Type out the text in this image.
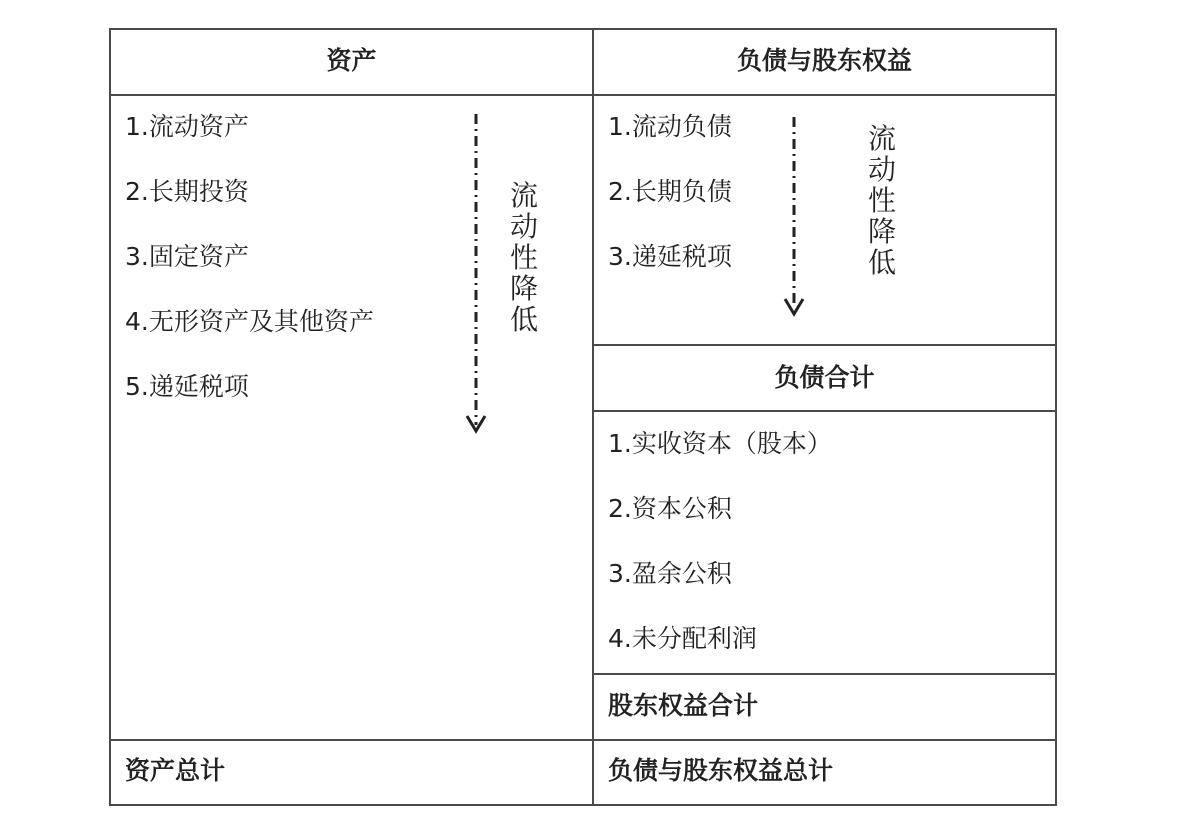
资产	负债与股东权益
1.流动资产
2.长期投资
3.固定资产
4.无形资产及其他资产
5.递延税项
流
动
性
降
低
1.流动负债
2.长期负债
3.递延税项
流
动
性
降
低
负债合计
1.实收资本（股本）
2.资本公积
3.盈余公积
4.未分配利润
股东权益合计
资产总计	负债与股东权益总计
